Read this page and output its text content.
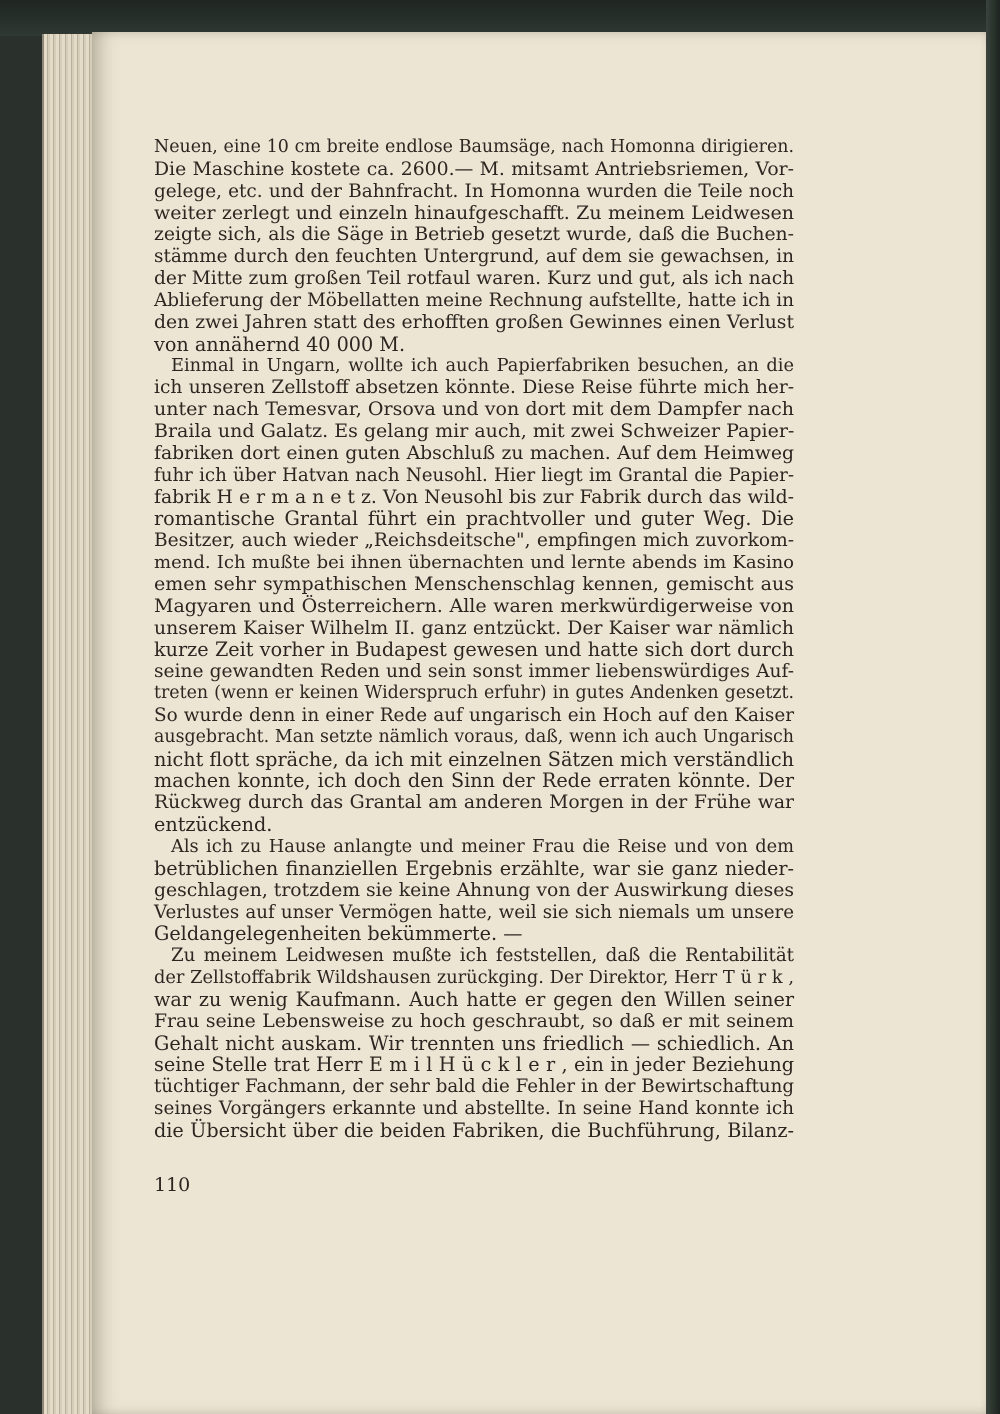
Neuen, eine 10 cm breite endlose Baumsäge, nach Homonna dirigieren.
Die Maschine kostete ca. 2600.— M. mitsamt Antriebsriemen, Vor-
gelege, etc. und der Bahnfracht. In Homonna wurden die Teile noch
weiter zerlegt und einzeln hinaufgeschafft. Zu meinem Leidwesen
zeigte sich, als die Säge in Betrieb gesetzt wurde, daß die Buchen-
stämme durch den feuchten Untergrund, auf dem sie gewachsen, in
der Mitte zum großen Teil rotfaul waren. Kurz und gut, als ich nach
Ablieferung der Möbellatten meine Rechnung aufstellte, hatte ich in
den zwei Jahren statt des erhofften großen Gewinnes einen Verlust
von annähernd 40 000 M.
Einmal in Ungarn, wollte ich auch Papierfabriken besuchen, an die
ich unseren Zellstoff absetzen könnte. Diese Reise führte mich her-
unter nach Temesvar, Orsova und von dort mit dem Dampfer nach
Braila und Galatz. Es gelang mir auch, mit zwei Schweizer Papier-
fabriken dort einen guten Abschluß zu machen. Auf dem Heimweg
fuhr ich über Hatvan nach Neusohl. Hier liegt im Grantal die Papier-
fabrik H e r m a n e t z. Von Neusohl bis zur Fabrik durch das wild-
romantische Grantal führt ein prachtvoller und guter Weg. Die
Besitzer, auch wieder „Reichsdeitsche", empfingen mich zuvorkom-
mend. Ich mußte bei ihnen übernachten und lernte abends im Kasino
emen sehr sympathischen Menschenschlag kennen, gemischt aus
Magyaren und Österreichern. Alle waren merkwürdigerweise von
unserem Kaiser Wilhelm II. ganz entzückt. Der Kaiser war nämlich
kurze Zeit vorher in Budapest gewesen und hatte sich dort durch
seine gewandten Reden und sein sonst immer liebenswürdiges Auf-
treten (wenn er keinen Widerspruch erfuhr) in gutes Andenken gesetzt.
So wurde denn in einer Rede auf ungarisch ein Hoch auf den Kaiser
ausgebracht. Man setzte nämlich voraus, daß, wenn ich auch Ungarisch
nicht flott spräche, da ich mit einzelnen Sätzen mich verständlich
machen konnte, ich doch den Sinn der Rede erraten könnte. Der
Rückweg durch das Grantal am anderen Morgen in der Frühe war
entzückend.
Als ich zu Hause anlangte und meiner Frau die Reise und von dem
betrüblichen finanziellen Ergebnis erzählte, war sie ganz nieder-
geschlagen, trotzdem sie keine Ahnung von der Auswirkung dieses
Verlustes auf unser Vermögen hatte, weil sie sich niemals um unsere
Geldangelegenheiten bekümmerte. —
Zu meinem Leidwesen mußte ich feststellen, daß die Rentabilität
der Zellstoffabrik Wildshausen zurückging. Der Direktor, Herr T ü r k ,
war zu wenig Kaufmann. Auch hatte er gegen den Willen seiner
Frau seine Lebensweise zu hoch geschraubt, so daß er mit seinem
Gehalt nicht auskam. Wir trennten uns friedlich — schiedlich. An
seine Stelle trat Herr E m i l H ü c k l e r , ein in jeder Beziehung
tüchtiger Fachmann, der sehr bald die Fehler in der Bewirtschaftung
seines Vorgängers erkannte und abstellte. In seine Hand konnte ich
die Übersicht über die beiden Fabriken, die Buchführung, Bilanz-
110
